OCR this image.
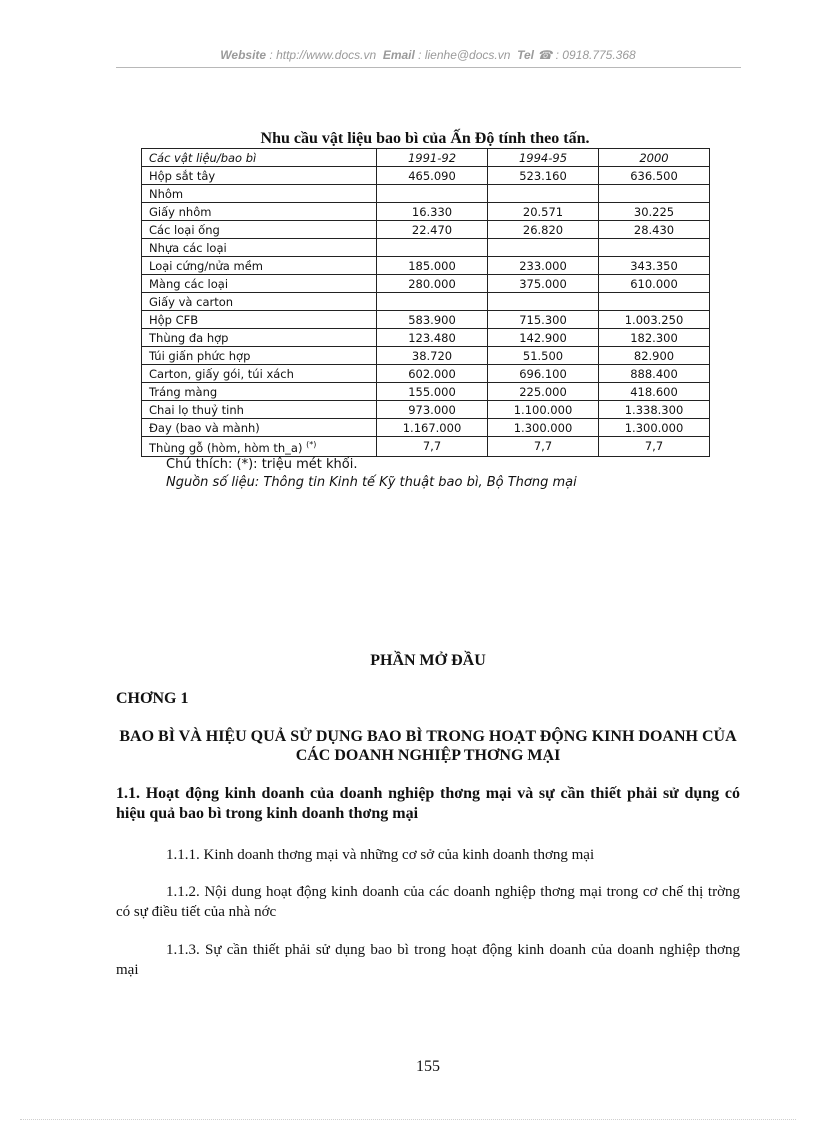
Website : http://www.docs.vn Email : lienhe@docs.vn Tel ☎ : 0918.775.368
Nhu cầu vật liệu bao bì của Ấn Độ tính theo tấn.
Các vật liệu/bao bì	1991-92	1994-95	2000
Hộp sắt tây	465.090	523.160	636.500
Nhôm			
Giấy nhôm	16.330	20.571	30.225
Các loại ống	22.470	26.820	28.430
Nhựa các loại			
Loại cứng/nửa mềm	185.000	233.000	343.350
Màng các loại	280.000	375.000	610.000
Giấy và carton			
Hộp CFB	583.900	715.300	1.003.250
Thùng đa hợp	123.480	142.900	182.300
Túi giấn phức hợp	38.720	51.500	82.900
Carton, giấy gói, túi xách	602.000	696.100	888.400
Tráng màng	155.000	225.000	418.600
Chai lọ thuỷ tinh	973.000	1.100.000	1.338.300
Đay (bao và mành)	1.167.000	1.300.000	1.300.000
Thùng gỗ (hòm, hòm th_a) (*)	7,7	7,7	7,7
Chú thích: (*): triệu mét khối.
Nguồn số liệu: Thông tin Kinh tế Kỹ thuật bao bì, Bộ Thơng mại
PHẦN MỞ ĐẦU
CHƠNG 1
BAO BÌ VÀ HIỆU QUẢ SỬ DỤNG BAO BÌ TRONG HOẠT ĐỘNG KINH DOANH CỦA CÁC DOANH NGHIỆP THƠNG MẠI
1.1. Hoạt động kinh doanh của doanh nghiệp thơng mại và sự cần thiết phải sử dụng có hiệu quả bao bì trong kinh doanh thơng mại
1.1.1. Kinh doanh thơng mại và những cơ sở của kinh doanh thơng mại
1.1.2. Nội dung hoạt động kinh doanh của các doanh nghiệp thơng mại trong cơ chế thị trờng có sự điều tiết của nhà nớc
1.1.3. Sự cần thiết phải sử dụng bao bì trong hoạt động kinh doanh của doanh nghiệp thơng mại
155
